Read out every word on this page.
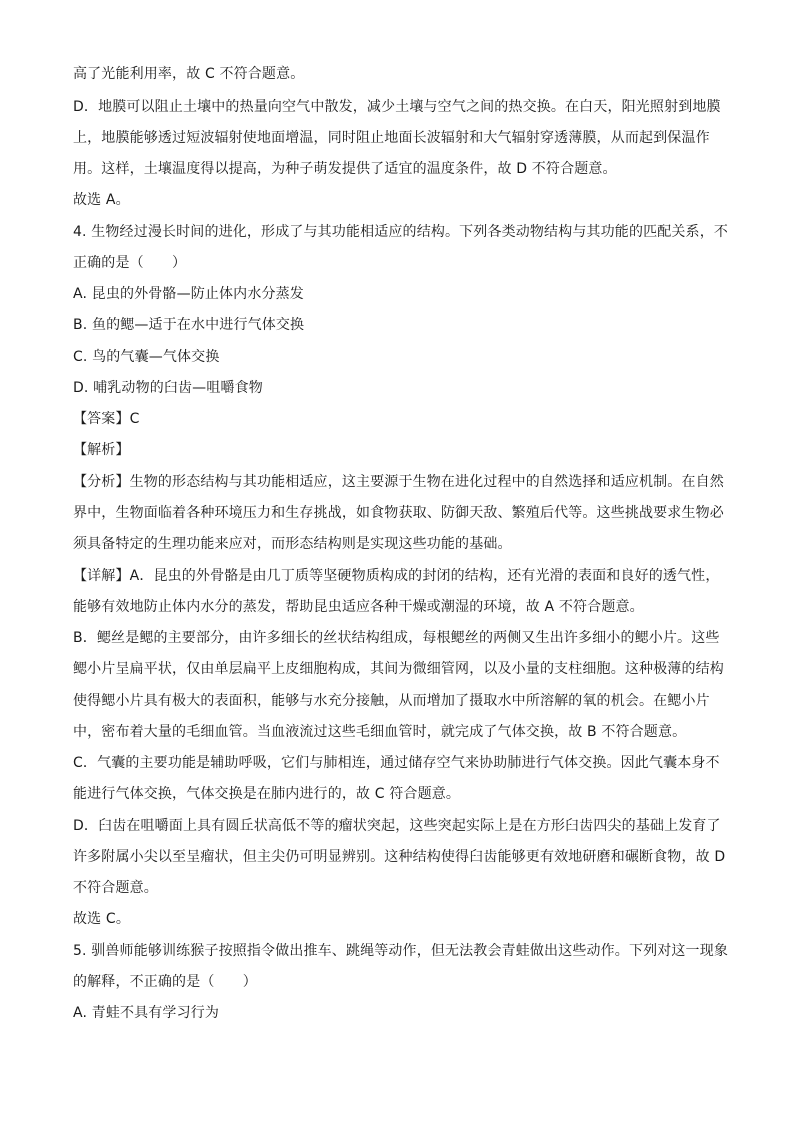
高了光能利用率，故 C 不符合题意。
D．地膜可以阻止土壤中的热量向空气中散发，减少土壤与空气之间的热交换。在白天，阳光照射到地膜
上，地膜能够透过短波辐射使地面增温，同时阻止地面长波辐射和大气辐射穿透薄膜，从而起到保温作
用。这样，土壤温度得以提高，为种子萌发提供了适宜的温度条件，故 D 不符合题意。
故选 A。
4. 生物经过漫长时间的进化，形成了与其功能相适应的结构。下列各类动物结构与其功能的匹配关系，不
正确的是（　　）
A. 昆虫的外骨骼—防止体内水分蒸发
B. 鱼的鳃—适于在水中进行气体交换
C. 鸟的气囊—气体交换
D. 哺乳动物的臼齿—咀嚼食物
【答案】C
【解析】
【分析】生物的形态结构与其功能相适应，这主要源于生物在进化过程中的自然选择和适应机制。在自然
界中，生物面临着各种环境压力和生存挑战，如食物获取、防御天敌、繁殖后代等。这些挑战要求生物必
须具备特定的生理功能来应对，而形态结构则是实现这些功能的基础。
【详解】A．昆虫的外骨骼是由几丁质等坚硬物质构成的封闭的结构，还有光滑的表面和良好的透气性，
能够有效地防止体内水分的蒸发，帮助昆虫适应各种干燥或潮湿的环境，故 A 不符合题意。
B．鳃丝是鳃的主要部分，由许多细长的丝状结构组成，每根鳃丝的两侧又生出许多细小的鳃小片。这些
鳃小片呈扁平状，仅由单层扁平上皮细胞构成，其间为微细管网，以及小量的支柱细胞。这种极薄的结构
使得鳃小片具有极大的表面积，能够与水充分接触，从而增加了摄取水中所溶解的氧的机会。在鳃小片
中，密布着大量的毛细血管。当血液流过这些毛细血管时，就完成了气体交换，故 B 不符合题意。
C．气囊的主要功能是辅助呼吸，它们与肺相连，通过储存空气来协助肺进行气体交换。因此气囊本身不
能进行气体交换，气体交换是在肺内进行的，故 C 符合题意。
D．臼齿在咀嚼面上具有圆丘状高低不等的瘤状突起，这些突起实际上是在方形臼齿四尖的基础上发育了
许多附属小尖以至呈瘤状，但主尖仍可明显辨别。这种结构使得臼齿能够更有效地研磨和碾断食物，故 D
不符合题意。
故选 C。
5. 驯兽师能够训练猴子按照指令做出推车、跳绳等动作，但无法教会青蛙做出这些动作。下列对这一现象
的解释，不正确的是（　　）
A. 青蛙不具有学习行为
